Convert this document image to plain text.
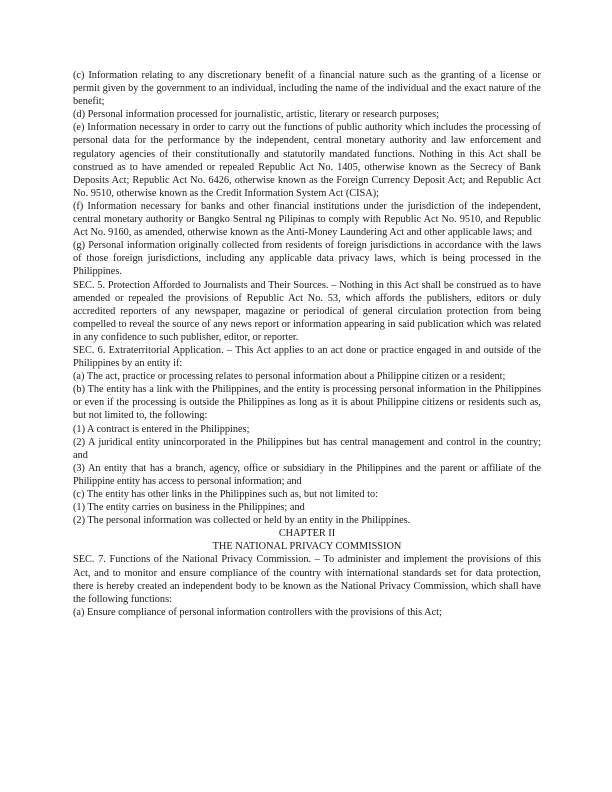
(c) Information relating to any discretionary benefit of a financial nature such as the granting of a license or permit given by the government to an individual, including the name of the individual and the exact nature of the benefit;

(d) Personal information processed for journalistic, artistic, literary or research purposes;

(e) Information necessary in order to carry out the functions of public authority which includes the processing of personal data for the performance by the independent, central monetary authority and law enforcement and regulatory agencies of their constitutionally and statutorily mandated functions. Nothing in this Act shall be construed as to have amended or repealed Republic Act No. 1405, otherwise known as the Secrecy of Bank Deposits Act; Republic Act No. 6426, otherwise known as the Foreign Currency Deposit Act; and Republic Act No. 9510, otherwise known as the Credit Information System Act (CISA);

(f) Information necessary for banks and other financial institutions under the jurisdiction of the independent, central monetary authority or Bangko Sentral ng Pilipinas to comply with Republic Act No. 9510, and Republic Act No. 9160, as amended, otherwise known as the Anti-Money Laundering Act and other applicable laws; and

(g) Personal information originally collected from residents of foreign jurisdictions in accordance with the laws of those foreign jurisdictions, including any applicable data privacy laws, which is being processed in the Philippines.

SEC. 5. Protection Afforded to Journalists and Their Sources. – Nothing in this Act shall be construed as to have amended or repealed the provisions of Republic Act No. 53, which affords the publishers, editors or duly accredited reporters of any newspaper, magazine or periodical of general circulation protection from being compelled to reveal the source of any news report or information appearing in said publication which was related in any confidence to such publisher, editor, or reporter.

SEC. 6. Extraterritorial Application. – This Act applies to an act done or practice engaged in and outside of the Philippines by an entity if:

(a) The act, practice or processing relates to personal information about a Philippine citizen or a resident;

(b) The entity has a link with the Philippines, and the entity is processing personal information in the Philippines or even if the processing is outside the Philippines as long as it is about Philippine citizens or residents such as, but not limited to, the following:

(1) A contract is entered in the Philippines;

(2) A juridical entity unincorporated in the Philippines but has central management and control in the country; and

(3) An entity that has a branch, agency, office or subsidiary in the Philippines and the parent or affiliate of the Philippine entity has access to personal information; and

(c) The entity has other links in the Philippines such as, but not limited to:

(1) The entity carries on business in the Philippines; and

(2) The personal information was collected or held by an entity in the Philippines.

CHAPTER II

THE NATIONAL PRIVACY COMMISSION

SEC. 7. Functions of the National Privacy Commission. – To administer and implement the provisions of this Act, and to monitor and ensure compliance of the country with international standards set for data protection, there is hereby created an independent body to be known as the National Privacy Commission, which shall have the following functions:

(a) Ensure compliance of personal information controllers with the provisions of this Act;
